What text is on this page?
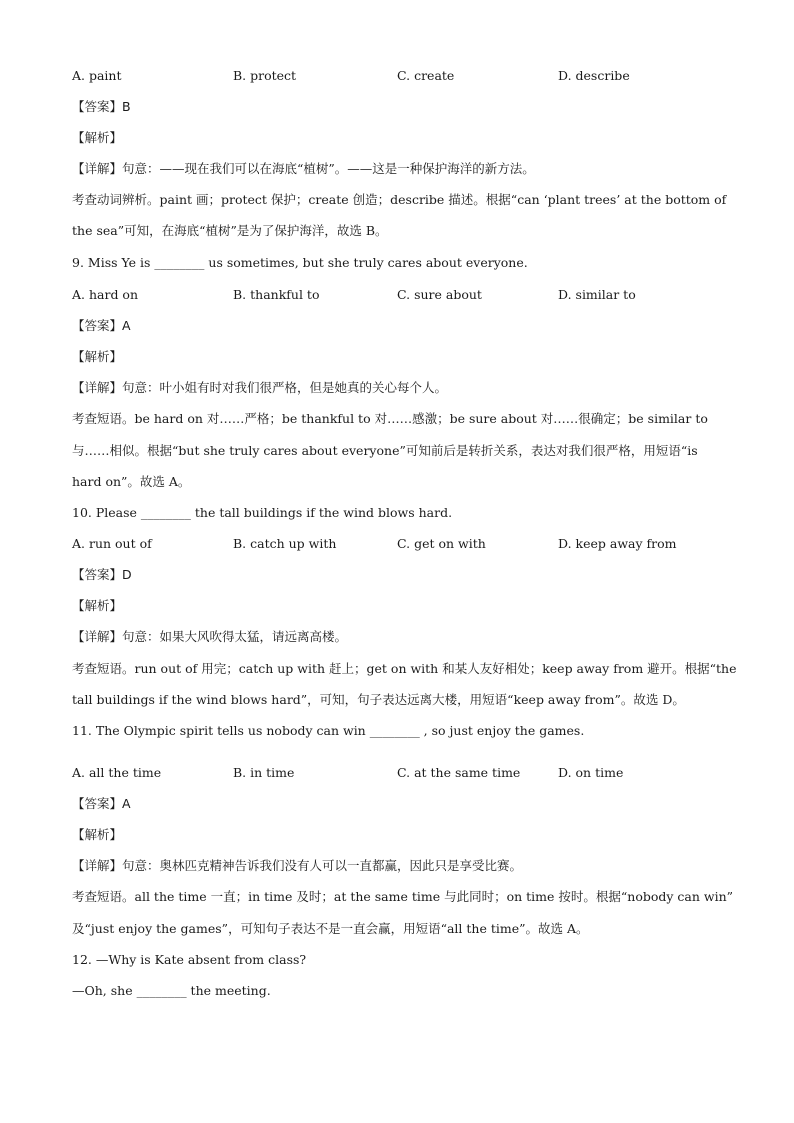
A. paint	B. protect	C. create	D. describe
【答案】B
【解析】
【详解】句意：——现在我们可以在海底“植树”。——这是一种保护海洋的新方法。
考查动词辨析。paint 画；protect 保护；create 创造；describe 描述。根据“can ‘plant trees’ at the bottom of
the sea”可知，在海底“植树”是为了保护海洋，故选 B。
9. Miss Ye is ________ us sometimes, but she truly cares about everyone.
A. hard on	B. thankful to	C. sure about	D. similar to
【答案】A
【解析】
【详解】句意：叶小姐有时对我们很严格，但是她真的关心每个人。
考查短语。be hard on 对……严格；be thankful to 对……感激；be sure about 对……很确定；be similar to
与……相似。根据“but she truly cares about everyone”可知前后是转折关系，表达对我们很严格，用短语“is
hard on”。故选 A。
10. Please ________ the tall buildings if the wind blows hard.
A. run out of	B. catch up with	C. get on with	D. keep away from
【答案】D
【解析】
【详解】句意：如果大风吹得太猛，请远离高楼。
考查短语。run out of 用完；catch up with 赶上；get on with 和某人友好相处；keep away from 避开。根据“the
tall buildings if the wind blows hard”，可知，句子表达远离大楼，用短语“keep away from”。故选 D。
11. The Olympic spirit tells us nobody can win ________ , so just enjoy the games.
A. all the time	B. in time	C. at the same time	D. on time
【答案】A
【解析】
【详解】句意：奥林匹克精神告诉我们没有人可以一直都赢，因此只是享受比赛。
考查短语。all the time 一直；in time 及时；at the same time 与此同时；on time 按时。根据“nobody can win”
及“just enjoy the games”，可知句子表达不是一直会赢，用短语“all the time”。故选 A。
12. —Why is Kate absent from class?
—Oh, she ________ the meeting.
